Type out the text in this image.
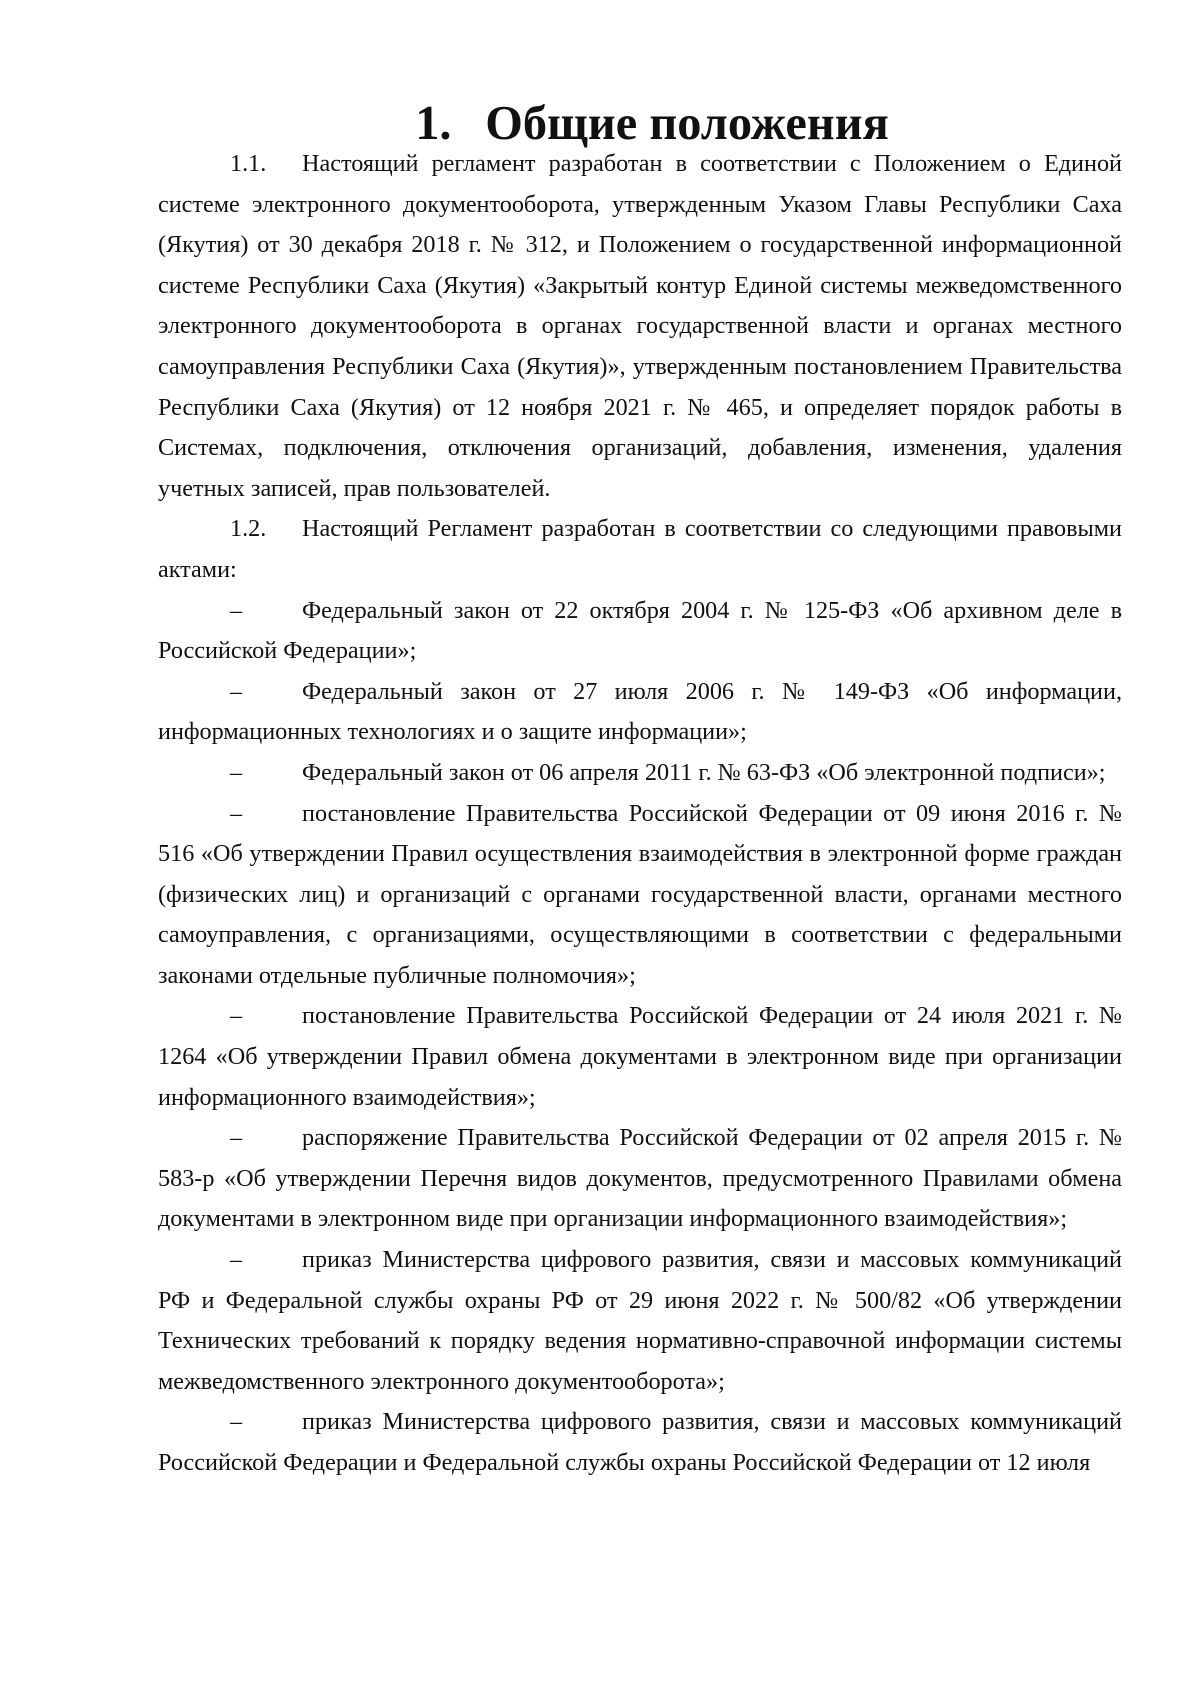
1. Общие положения

1.1. Настоящий регламент разработан в соответствии с Положением о Единой системе электронного документооборота, утвержденным Указом Главы Республики Саха (Якутия) от 30 декабря 2018 г. № 312, и Положением о государственной информационной системе Республики Саха (Якутия) «Закрытый контур Единой системы межведомственного электронного документооборота в органах государственной власти и органах местного самоуправления Республики Саха (Якутия)», утвержденным постановлением Правительства Республики Саха (Якутия) от 12 ноября 2021 г. № 465, и определяет порядок работы в Системах, подключения, отключения организаций, добавления, изменения, удаления учетных записей, прав пользователей.

1.2. Настоящий Регламент разработан в соответствии со следующими правовыми актами:

– Федеральный закон от 22 октября 2004 г. № 125-ФЗ «Об архивном деле в Российской Федерации»;

– Федеральный закон от 27 июля 2006 г. № 149-ФЗ «Об информации, информационных технологиях и о защите информации»;

– Федеральный закон от 06 апреля 2011 г. № 63-ФЗ «Об электронной подписи»;

– постановление Правительства Российской Федерации от 09 июня 2016 г. № 516 «Об утверждении Правил осуществления взаимодействия в электронной форме граждан (физических лиц) и организаций с органами государственной власти, органами местного самоуправления, с организациями, осуществляющими в соответствии с федеральными законами отдельные публичные полномочия»;

– постановление Правительства Российской Федерации от 24 июля 2021 г. № 1264 «Об утверждении Правил обмена документами в электронном виде при организации информационного взаимодействия»;

– распоряжение Правительства Российской Федерации от 02 апреля 2015 г. № 583-р «Об утверждении Перечня видов документов, предусмотренного Правилами обмена документами в электронном виде при организации информационного взаимодействия»;

– приказ Министерства цифрового развития, связи и массовых коммуникаций РФ и Федеральной службы охраны РФ от 29 июня 2022 г. № 500/82 «Об утверждении Технических требований к порядку ведения нормативно-справочной информации системы межведомственного электронного документооборота»;

– приказ Министерства цифрового развития, связи и массовых коммуникаций Российской Федерации и Федеральной службы охраны Российской Федерации от 12 июля
